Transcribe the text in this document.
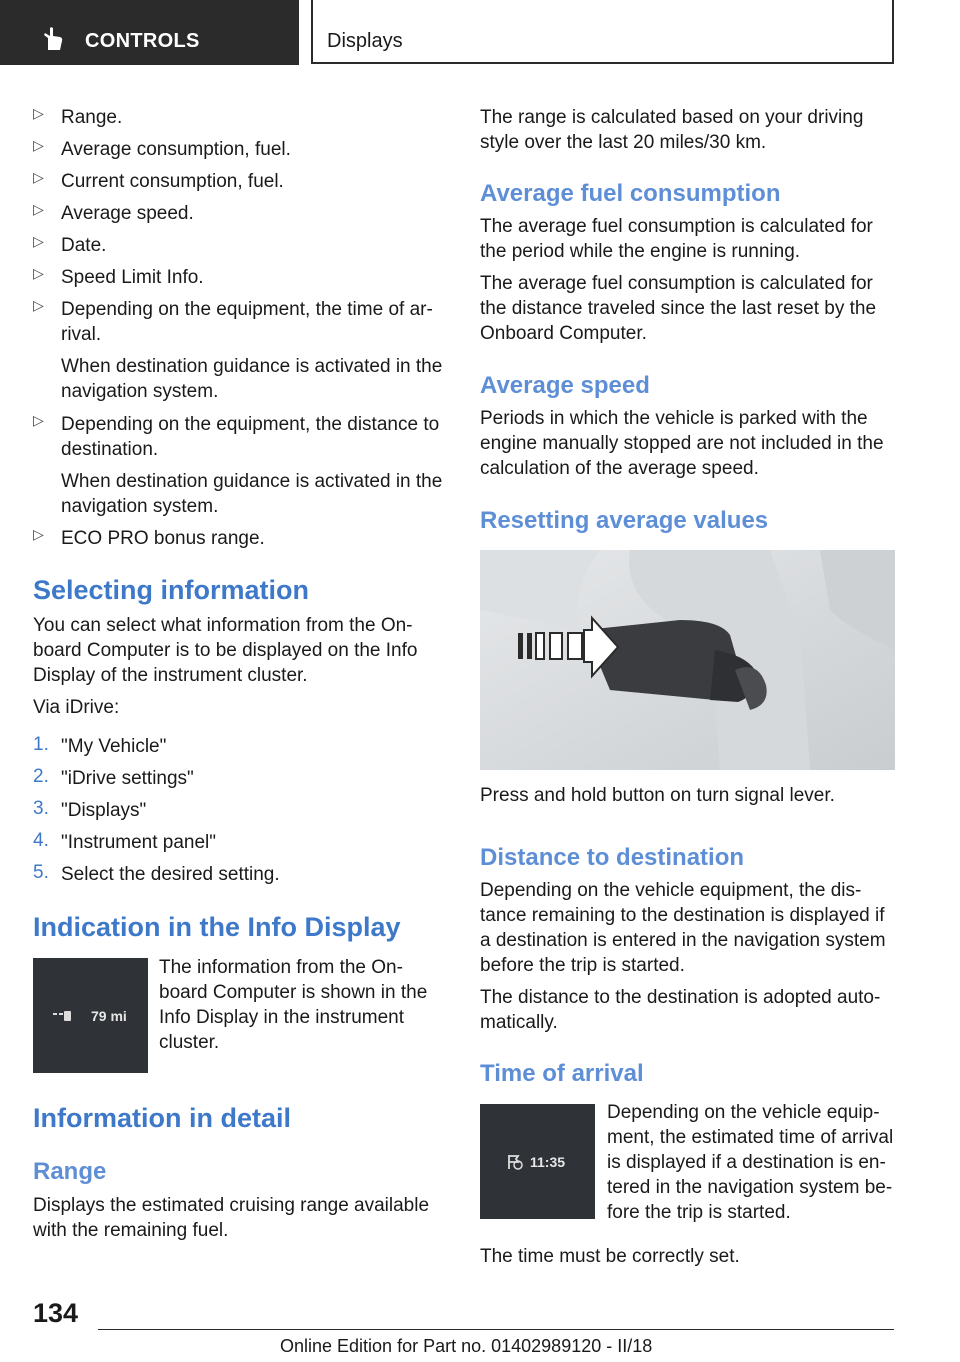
CONTROLS	Displays
▷ Range.

▷ Average consumption, fuel.

▷ Current consumption, fuel.

▷ Average speed.

▷ Date.

▷ Speed Limit Info.

▷ Depending on the equipment, the time of ar-

rival.

When destination guidance is activated in the

navigation system.

▷ Depending on the equipment, the distance to

destination.

When destination guidance is activated in the

navigation system.

▷ ECO PRO bonus range.

Selecting information

You can select what information from the On-

board Computer is to be displayed on the Info

Display of the instrument cluster.

Via iDrive:

1. "My Vehicle"

2. "iDrive settings"

3. "Displays"

4. "Instrument panel"

5. Select the desired setting.

Indication in the Info Display
79 mi

The information from the On-

board Computer is shown in the

Info Display in the instrument

cluster.

Information in detail
Range

Displays the estimated cruising range available

with the remaining fuel.

The range is calculated based on your driving

style over the last 20 miles/30 km.

Average fuel consumption

The average fuel consumption is calculated for

the period while the engine is running.

The average fuel consumption is calculated for

the distance traveled since the last reset by the

Onboard Computer.

Average speed

Periods in which the vehicle is parked with the

engine manually stopped are not included in the

calculation of the average speed.

Resetting average values

Press and hold button on turn signal lever.

Distance to destination

Depending on the vehicle equipment, the dis-

tance remaining to the destination is displayed if

a destination is entered in the navigation system

before the trip is started.

The distance to the destination is adopted auto-

matically.

Time of arrival
11:35

Depending on the vehicle equip-

ment, the estimated time of arrival

is displayed if a destination is en-

tered in the navigation system be-

fore the trip is started.

The time must be correctly set.

134
Online Edition for Part no. 01402989120 - II/18
